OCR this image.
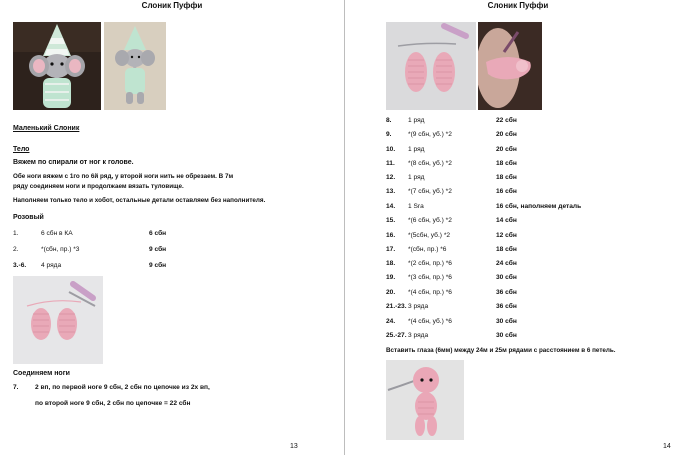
Слоник Пуффи
Маленький Слоник
Тело
Вяжем по спирали от ног к голове.
Обе ноги вяжем с 1го по 6й ряд, у второй ноги нить не обрезаем. В 7м
ряду соединяем ноги и продолжаем вязать туловище.
Наполняем только тело и хобот, остальные детали оставляем без наполнителя.
Розовый
1.	6 сбн в КА	6 сбн
2.	*(сбн, пр.) *3	9 сбн
3.-6. 4 ряда	9 сбн
Соединяем ноги
7.	2 вп, по первой ноге 9 сбн, 2 сбн по цепочке из 2х вп,
по второй ноге 9 сбн, 2 сбн по цепочке = 22 сбн
13
Слоник Пуффи
8.	1 ряд	22 сбн
9.	*(9 сбн, уб.) *2	20 сбн
10. 1 ряд	20 сбн
11. *(8 сбн, уб.) *2	18 сбн
12. 1 ряд	18 сбн
13. *(7 сбн, уб.) *2	16 сбн
14. 1 Sra	16 сбн, наполняем деталь
15. *(6 сбн, уб.) *2	14 сбн
16. *(5сбн, уб.) *2	12 сбн
17. *(сбн, пр.) *6	18 сбн
18. *(2 сбн, пр.) *6	24 сбн
19. *(3 сбн, пр.) *6	30 сбн
20. *(4 сбн, пр.) *6	36 сбн
21.-23. 3 ряда	36 сбн
24. *(4 сбн, уб.) *6	30 сбн
25.-27. 3 ряда	30 сбн
Вставить глаза (6мм) между 24м и 25м рядами с расстоянием в 6 петель.
14
